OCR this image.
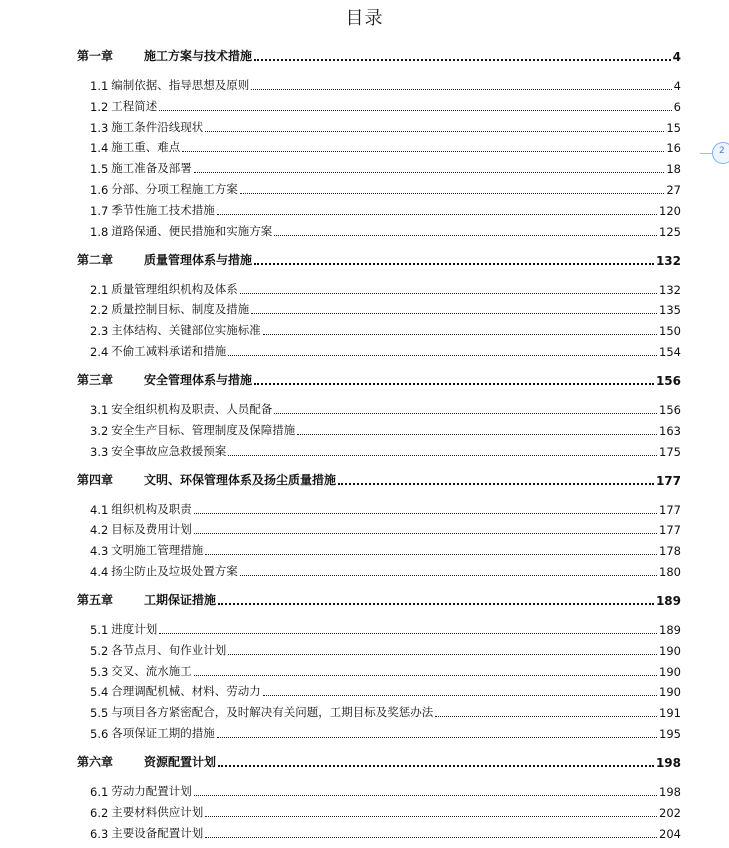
目录
第一章	施工方案与技术措施	4
1.1 编制依据、指导思想及原则	4
1.2 工程简述	6
1.3 施工条件沿线现状	15
1.4 施工重、难点	16
1.5 施工准备及部署	18
1.6 分部、分项工程施工方案	27
1.7 季节性施工技术措施	120
1.8 道路保通、便民措施和实施方案	125
第二章	质量管理体系与措施	132
2.1 质量管理组织机构及体系	132
2.2 质量控制目标、制度及措施	135
2.3 主体结构、关键部位实施标准	150
2.4 不偷工减料承诺和措施	154
第三章	安全管理体系与措施	156
3.1 安全组织机构及职责、人员配备	156
3.2 安全生产目标、管理制度及保障措施	163
3.3 安全事故应急救援预案	175
第四章	文明、环保管理体系及扬尘质量措施	177
4.1 组织机构及职责	177
4.2 目标及费用计划	177
4.3 文明施工管理措施	178
4.4 扬尘防止及垃圾处置方案	180
第五章	工期保证措施	189
5.1 进度计划	189
5.2 各节点月、旬作业计划	190
5.3 交叉、流水施工	190
5.4 合理调配机械、材料、劳动力	190
5.5 与项目各方紧密配合，及时解决有关问题，工期目标及奖惩办法	191
5.6 各项保证工期的措施	195
第六章	资源配置计划	198
6.1 劳动力配置计划	198
6.2 主要材料供应计划	202
6.3 主要设备配置计划	204
2
